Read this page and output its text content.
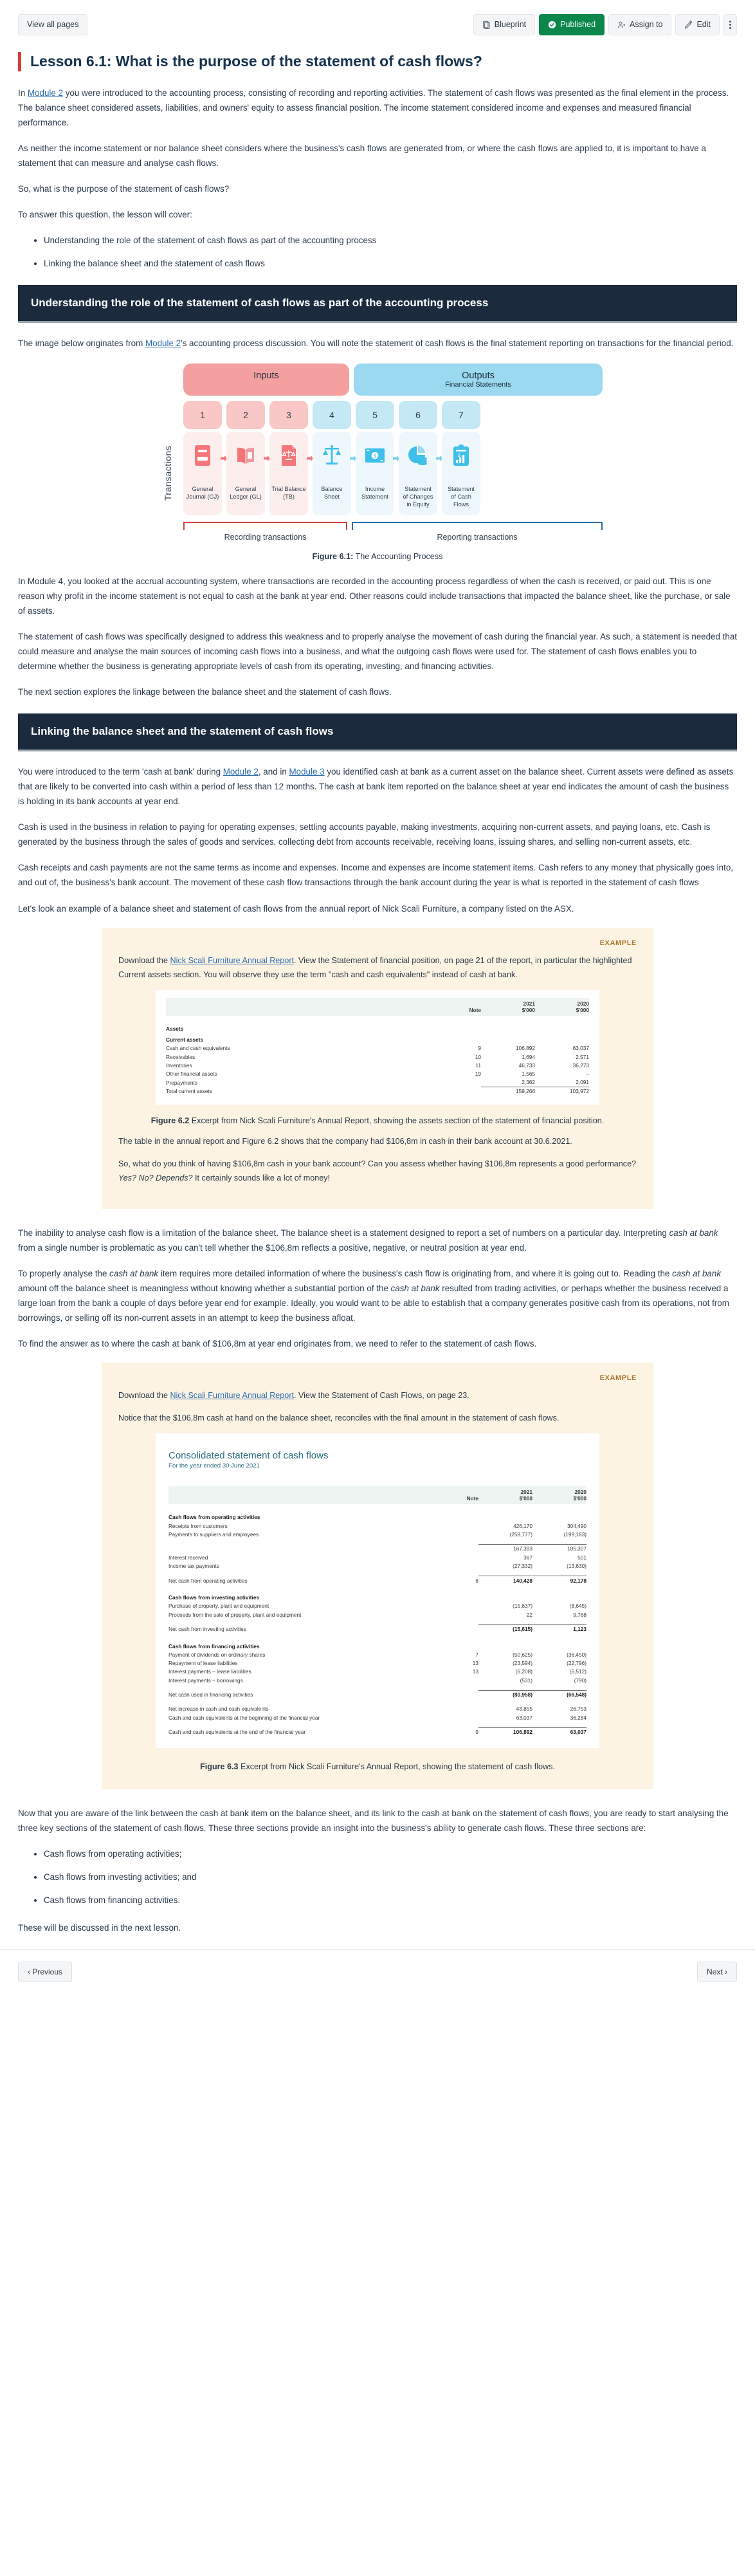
View all pages	Blueprint	Published	Assign to	Edit
Lesson 6.1: What is the purpose of the statement of cash flows?

In Module 2 you were introduced to the accounting process, consisting of recording and reporting activities. The statement of cash flows was presented as the final element in the process. The balance sheet considered assets, liabilities, and owners' equity to assess financial position. The income statement considered income and expenses and measured financial performance.

As neither the income statement or nor balance sheet considers where the business's cash flows are generated from, or where the cash flows are applied to, it is important to have a statement that can measure and analyse cash flows.

So, what is the purpose of the statement of cash flows?

To answer this question, the lesson will cover:

• Understanding the role of the statement of cash flows as part of the accounting process
• Linking the balance sheet and the statement of cash flows
Understanding the role of the statement of cash flows as part of the accounting process

The image below originates from Module 2's accounting process discussion. You will note the statement of cash flows is the final statement reporting on transactions for the financial period.

Inputs	Outputs
Financial Statements
1	2	3	4	5	6	7
Transactions	General
Journal (GJ)
General
Ledger (GL)
Trial Balance
(TB)
Balance
Sheet
$
Income
Statement
Statement
of Changes
in Equity
$
Statement
of Cash
Flows
Recording transactions	Reporting transactions
Figure 6.1: The Accounting Process

In Module 4, you looked at the accrual accounting system, where transactions are recorded in the accounting process regardless of when the cash is received, or paid out. This is one reason why profit in the income statement is not equal to cash at the bank at year end. Other reasons could include transactions that impacted the balance sheet, like the purchase, or sale of assets.

The statement of cash flows was specifically designed to address this weakness and to properly analyse the movement of cash during the financial year. As such, a statement is needed that could measure and analyse the main sources of incoming cash flows into a business, and what the outgoing cash flows were used for. The statement of cash flows enables you to determine whether the business is generating appropriate levels of cash from its operating, investing, and financing activities.

The next section explores the linkage between the balance sheet and the statement of cash flows.

Linking the balance sheet and the statement of cash flows

You were introduced to the term 'cash at bank' during Module 2, and in Module 3 you identified cash at bank as a current asset on the balance sheet. Current assets were defined as assets that are likely to be converted into cash within a period of less than 12 months. The cash at bank item reported on the balance sheet at year end indicates the amount of cash the business is holding in its bank accounts at year end.

Cash is used in the business in relation to paying for operating expenses, settling accounts payable, making investments, acquiring non-current assets, and paying loans, etc. Cash is generated by the business through the sales of goods and services, collecting debt from accounts receivable, receiving loans, issuing shares, and selling non-current assets, etc.

Cash receipts and cash payments are not the same terms as income and expenses. Income and expenses are income statement items. Cash refers to any money that physically goes into, and out of, the business's bank account. The movement of these cash flow transactions through the bank account during the year is what is reported in the statement of cash flows

Let's look an example of a balance sheet and statement of cash flows from the annual report of Nick Scali Furniture, a company listed on the ASX.

EXAMPLE

Download the Nick Scali Furniture Annual Report. View the Statement of financial position, on page 21 of the report, in particular the highlighted Current assets section. You will observe they use the term "cash and cash equivalents" instead of cash at bank.

	Note	2021
$'000	2020
$'000

Assets			
Current assets			
Cash and cash equivalents	9	106,892	63,037
Receivables	10	1,694	2,571
Inventories	11	46,733	36,273
Other financial assets	19	1,565	–
Prepayments		2,382	2,091
Total current assets		159,266	103,972
Figure 6.2 Excerpt from Nick Scali Furniture's Annual Report, showing the assets section of the statement of financial position.

The table in the annual report and Figure 6.2 shows that the company had $106,8m in cash in their bank account at 30.6.2021.

So, what do you think of having $106,8m cash in your bank account? Can you assess whether having $106,8m represents a good performance? Yes? No? Depends? It certainly sounds like a lot of money!

The inability to analyse cash flow is a limitation of the balance sheet. The balance sheet is a statement designed to report a set of numbers on a particular day. Interpreting cash at bank from a single number is problematic as you can't tell whether the $106,8m reflects a positive, negative, or neutral position at year end.

To properly analyse the cash at bank item requires more detailed information of where the business's cash flow is originating from, and where it is going out to. Reading the cash at bank amount off the balance sheet is meaningless without knowing whether a substantial portion of the cash at bank resulted from trading activities, or perhaps whether the business received a large loan from the bank a couple of days before year end for example. Ideally, you would want to be able to establish that a company generates positive cash from its operations, not from borrowings, or selling off its non-current assets in an attempt to keep the business afloat.

To find the answer as to where the cash at bank of $106,8m at year end originates from, we need to refer to the statement of cash flows.

EXAMPLE

Download the Nick Scali Furniture Annual Report. View the Statement of Cash Flows, on page 23.

Notice that the $106,8m cash at hand on the balance sheet, reconciles with the final amount in the statement of cash flows.

Consolidated statement of cash flows
For the year ended 30 June 2021
	Note	2021
$'000	2020
$'000

Cash flows from operating activities			
Receipts from customers		426,170	304,490
Payments to suppliers and employees		(258,777)	(199,183)

		167,393	105,307
Interest received		367	501
Income tax payments		(27,332)	(13,630)

Net cash from operating activities	8	140,428	92,178

Cash flows from investing activities			
Purchase of property, plant and equipment		(15,637)	(8,645)
Proceeds from the sale of property, plant and equipment		22	9,768

Net cash from investing activities		(15,615)	1,123

Cash flows from financing activities			
Payment of dividends on ordinary shares	7	(50,625)	(36,450)
Repayment of lease liabilities	13	(23,594)	(22,796)
Interest payments – lease liabilities	13	(6,208)	(6,512)
Interest payments – borrowings		(531)	(790)

Net cash used in financing activities		(80,958)	(66,548)

Net increase in cash and cash equivalents		43,855	26,753
Cash and cash equivalents at the beginning of the financial year		63,037	36,284

Cash and cash equivalents at the end of the financial year	9	106,892	63,037
Figure 6.3 Excerpt from Nick Scali Furniture's Annual Report, showing the statement of cash flows.

Now that you are aware of the link between the cash at bank item on the balance sheet, and its link to the cash at bank on the statement of cash flows, you are ready to start analysing the three key sections of the statement of cash flows. These three sections provide an insight into the business's ability to generate cash flows. These three sections are:

• Cash flows from operating activities;
• Cash flows from investing activities; and
• Cash flows from financing activities.

These will be discussed in the next lesson.

‹ Previous	Next ›
